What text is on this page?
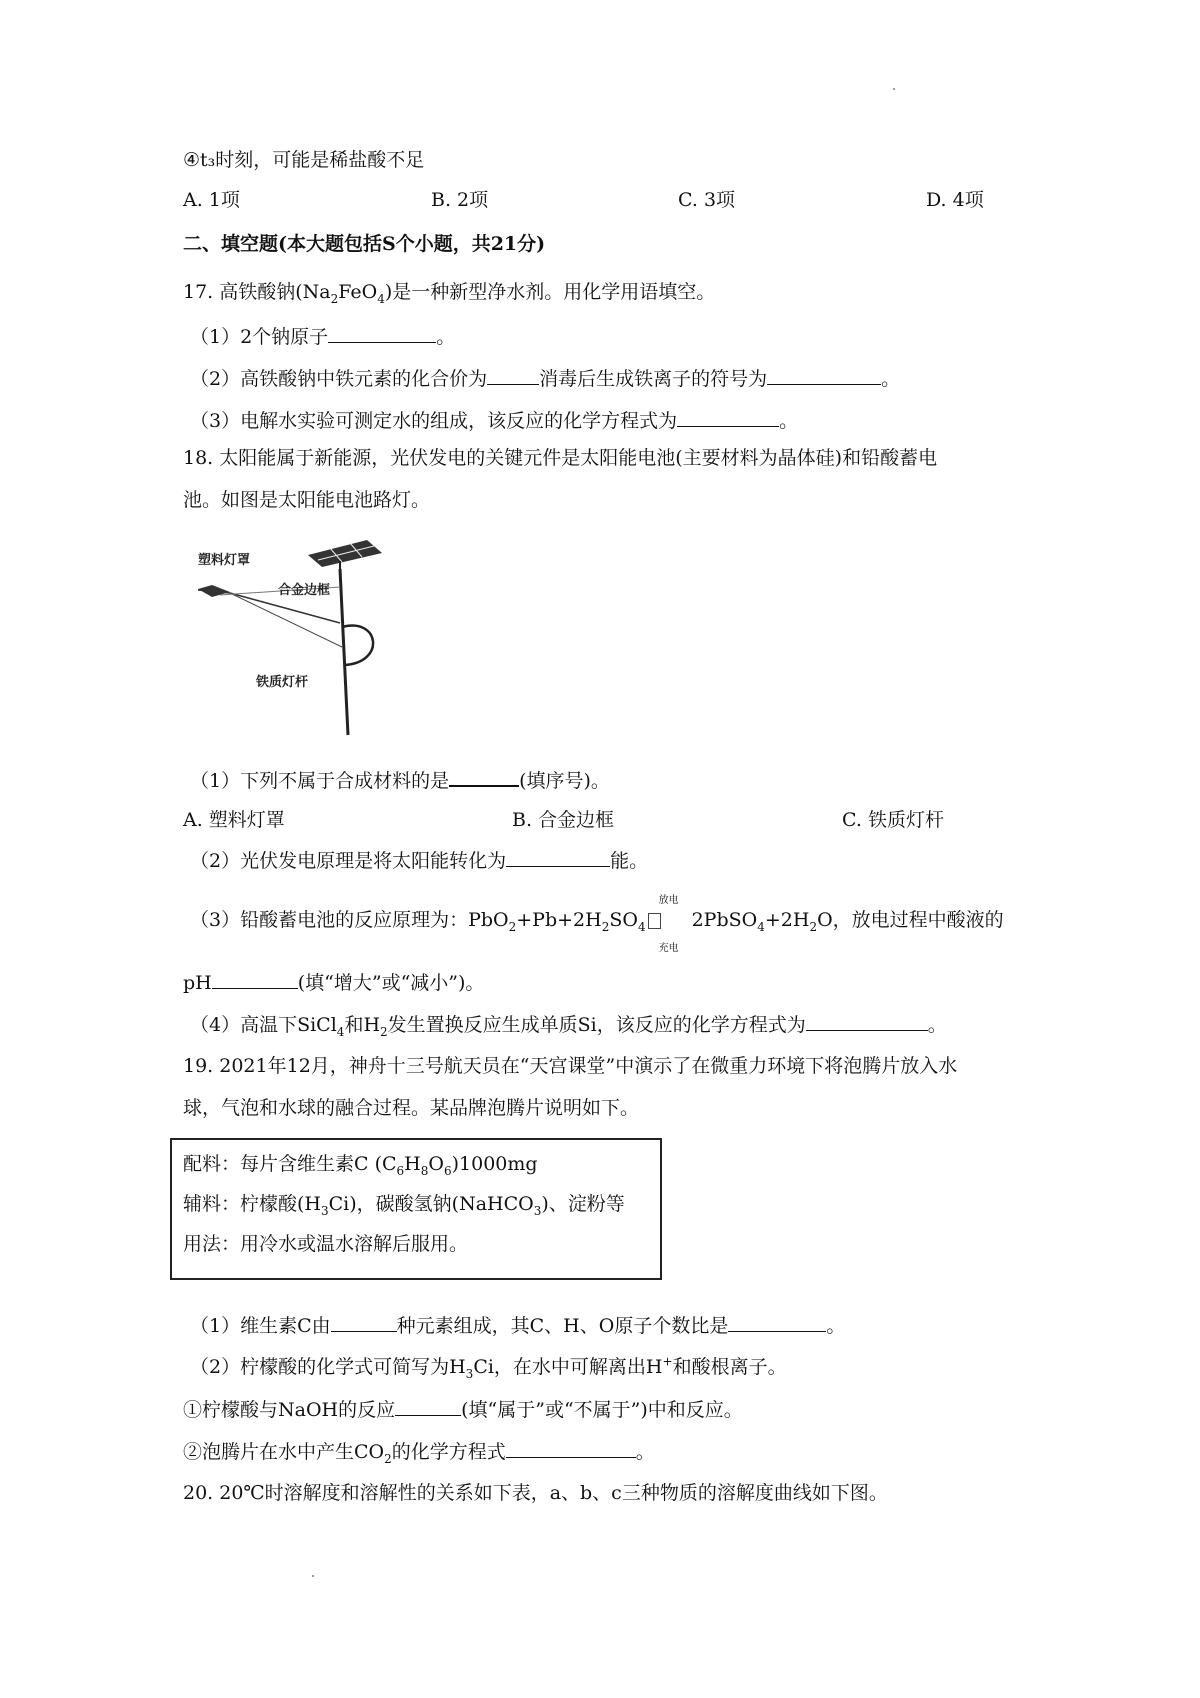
④t₃时刻，可能是稀盐酸不足
A. 1项	B. 2项	C. 3项	D. 4项
二、填空题(本大题包括S个小题，共21分)
17. 高铁酸钠$(Na_2FeO_4)$是一种新型净水剂。用化学用语填空。
（1）2个钠原子	。
（2）高铁酸钠中铁元素的化合价为	消毒后生成铁离子的符号为	。
（3）电解水实验可测定水的组成，该反应的化学方程式为	。
18. 太阳能属于新能源，光伏发电的关键元件是太阳能电池(主要材料为晶体硅)和铅酸蓄电
池。如图是太阳能电池路灯。
塑料灯罩
合金边框
铁质灯杆
（1）下列不属于合成材料的是	(填序号)。
A. 塑料灯罩	B. 合金边框	C. 铁质灯杆
（2）光伏发电原理是将太阳能转化为	能。
（3）铅酸蓄电池的反应原理为：$PbO_2+Pb+2H_2SO_4$
放电
充电
$2PbSO_4+2H_2O$，放电过程中酸液的
pH	(填“增大”或“减小”)。
（4）高温下SiCl$_4$和$H_2$发生置换反应生成单质Si，该反应的化学方程式为	。
19. 2021年12月，神舟十三号航天员在“天宫课堂”中演示了在微重力环境下将泡腾片放入水
球，气泡和水球的融合过程。某品牌泡腾片说明如下。
配料：每片含维生素C $(C_6H_8O_6)1000mg$
辅料：柠檬酸$(H_3Ci)$，碳酸氢钠(NaHCO$_3$)、淀粉等
用法：用冷水或温水溶解后服用。
（1）维生素C由	种元素组成，其C、H、O原子个数比是	。
（2）柠檬酸的化学式可简写为$H_3Ci$，在水中可解离出H+和酸根离子。
①柠檬酸与NaOH的反应	(填“属于”或“不属于”)中和反应。
②泡腾片在水中产生$CO_2$的化学方程式	。
20. 20℃时溶解度和溶解性的关系如下表，a、b、c三种物质的溶解度曲线如下图。
